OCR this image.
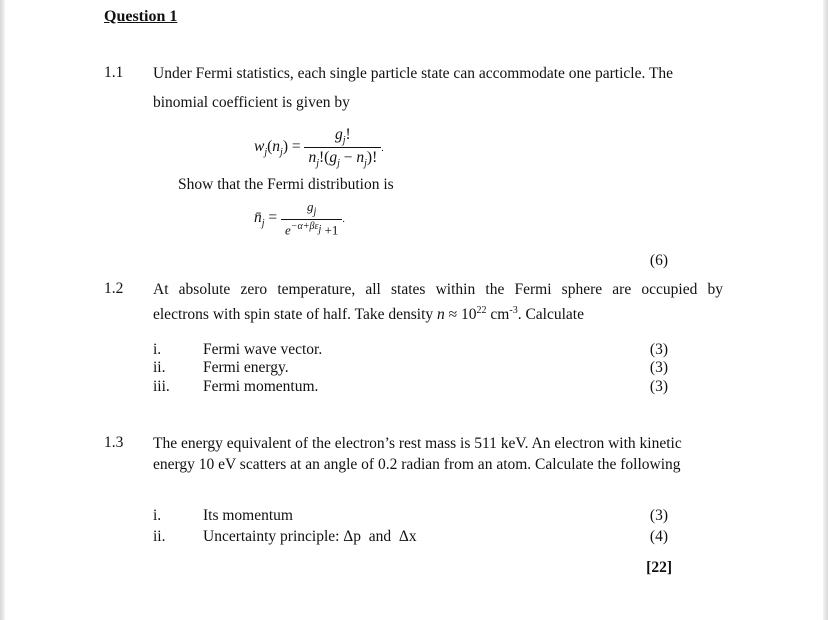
Question 1
1.1 Under Fermi statistics, each single particle state can accommodate one particle. The
binomial coefficient is given by
$w_j(n_j) = \frac{g_j!}{n_j!(g_j - n_j)!}$ .
Show that the Fermi distribution is
$n̄_j = \frac{g_j}{e^{-\alpha+\beta\varepsilon_j} +1}$ .
(6)
1.2 At absolute zero temperature, all states within the Fermi sphere are occupied by
electrons with spin state of half. Take density $n \approx 10^{22}$ $cm^{-3}$. Calculate
i.	Fermi wave vector.	(3)
ii. Fermi energy.	(3)
iii. Fermi momentum.	(3)
1.3 The energy equivalent of the electron’s rest mass is 511 keV. An electron with kinetic
energy 10 eV scatters at an angle of 0.2 radian from an atom. Calculate the following
i.	Its momentum	(3)
ii. Uncertainty principle: Δp  and  Δx	(4)
[22]
